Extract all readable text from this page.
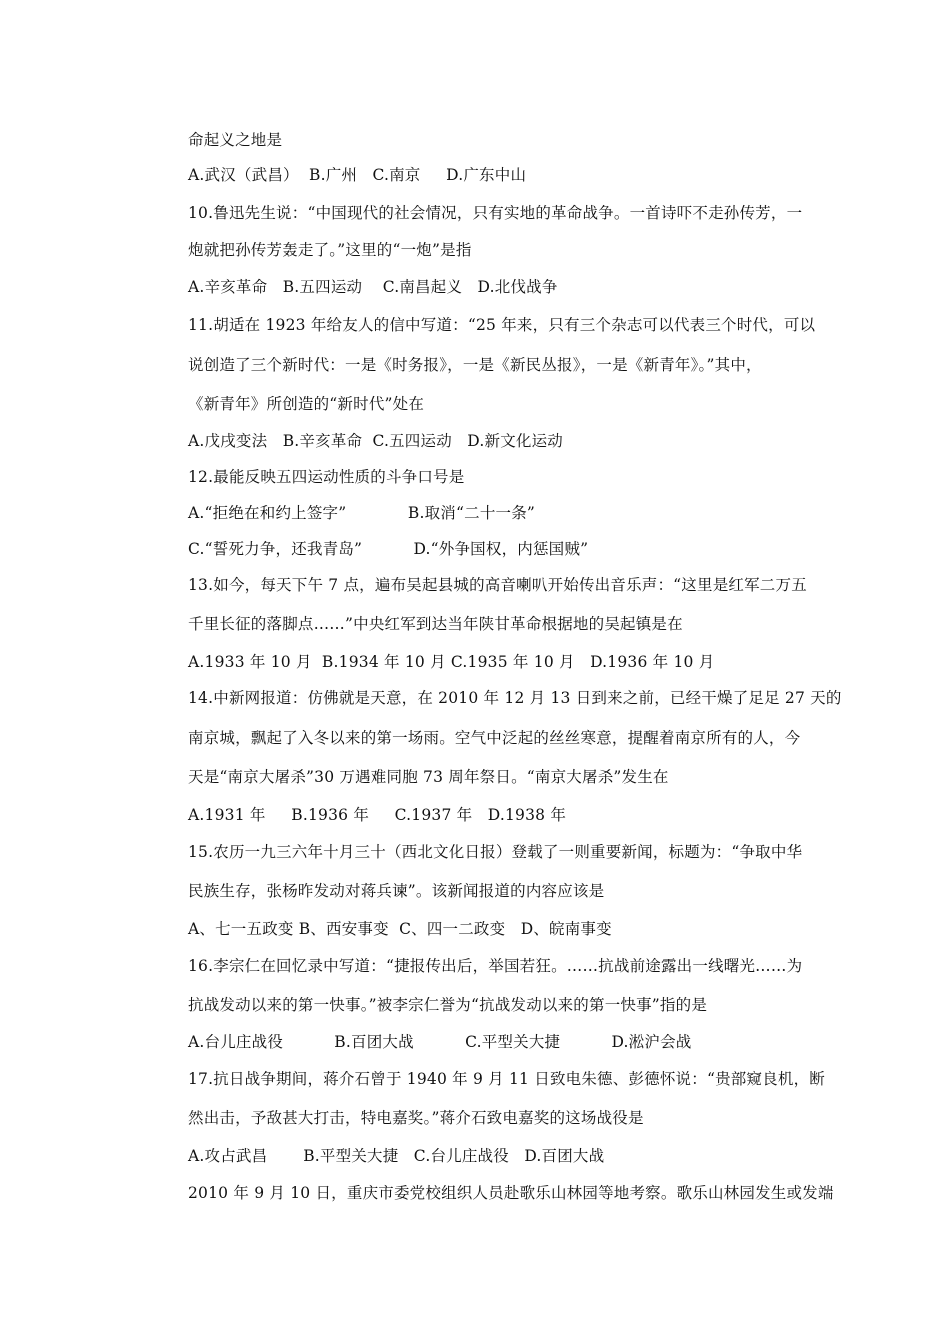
命起义之地是
A.武汉（武昌）  B.广州   C.南京     D.广东中山
10.鲁迅先生说：“中国现代的社会情况，只有实地的革命战争。一首诗吓不走孙传芳，一
炮就把孙传芳轰走了。”这里的“一炮”是指
A.辛亥革命   B.五四运动    C.南昌起义   D.北伐战争
11.胡适在 1923 年给友人的信中写道：“25 年来，只有三个杂志可以代表三个时代，可以
说创造了三个新时代：一是《时务报》，一是《新民丛报》，一是《新青年》。”其中，
《新青年》所创造的“新时代”处在
A.戊戌变法   B.辛亥革命  C.五四运动   D.新文化运动
12.最能反映五四运动性质的斗争口号是
A.“拒绝在和约上签字”            B.取消“二十一条”
C.“誓死力争，还我青岛”          D.“外争国权，内惩国贼”
13.如今，每天下午 7 点，遍布吴起县城的高音喇叭开始传出音乐声：“这里是红军二万五
千里长征的落脚点……”中央红军到达当年陕甘革命根据地的吴起镇是在
A.1933 年 10 月  B.1934 年 10 月 C.1935 年 10 月   D.1936 年 10 月
14.中新网报道：仿佛就是天意，在 2010 年 12 月 13 日到来之前，已经干燥了足足 27 天的
南京城，飘起了入冬以来的第一场雨。空气中泛起的丝丝寒意，提醒着南京所有的人，今
天是“南京大屠杀”30 万遇难同胞 73 周年祭日。“南京大屠杀”发生在
A.1931 年     B.1936 年     C.1937 年   D.1938 年
15.农历一九三六年十月三十（西北文化日报）登载了一则重要新闻，标题为：“争取中华
民族生存，张杨昨发动对蒋兵谏”。该新闻报道的内容应该是
A、七一五政变 B、西安事变  C、四一二政变   D、皖南事变
16.李宗仁在回忆录中写道：“捷报传出后，举国若狂。……抗战前途露出一线曙光……为
抗战发动以来的第一快事。”被李宗仁誉为“抗战发动以来的第一快事”指的是
A.台儿庄战役          B.百团大战          C.平型关大捷          D.淞沪会战
17.抗日战争期间，蒋介石曾于 1940 年 9 月 11 日致电朱德、彭德怀说：“贵部窥良机，断
然出击，予敌甚大打击，特电嘉奖。”蒋介石致电嘉奖的这场战役是
A.攻占武昌       B.平型关大捷   C.台儿庄战役   D.百团大战
2010 年 9 月 10 日，重庆市委党校组织人员赴歌乐山林园等地考察。歌乐山林园发生或发端
